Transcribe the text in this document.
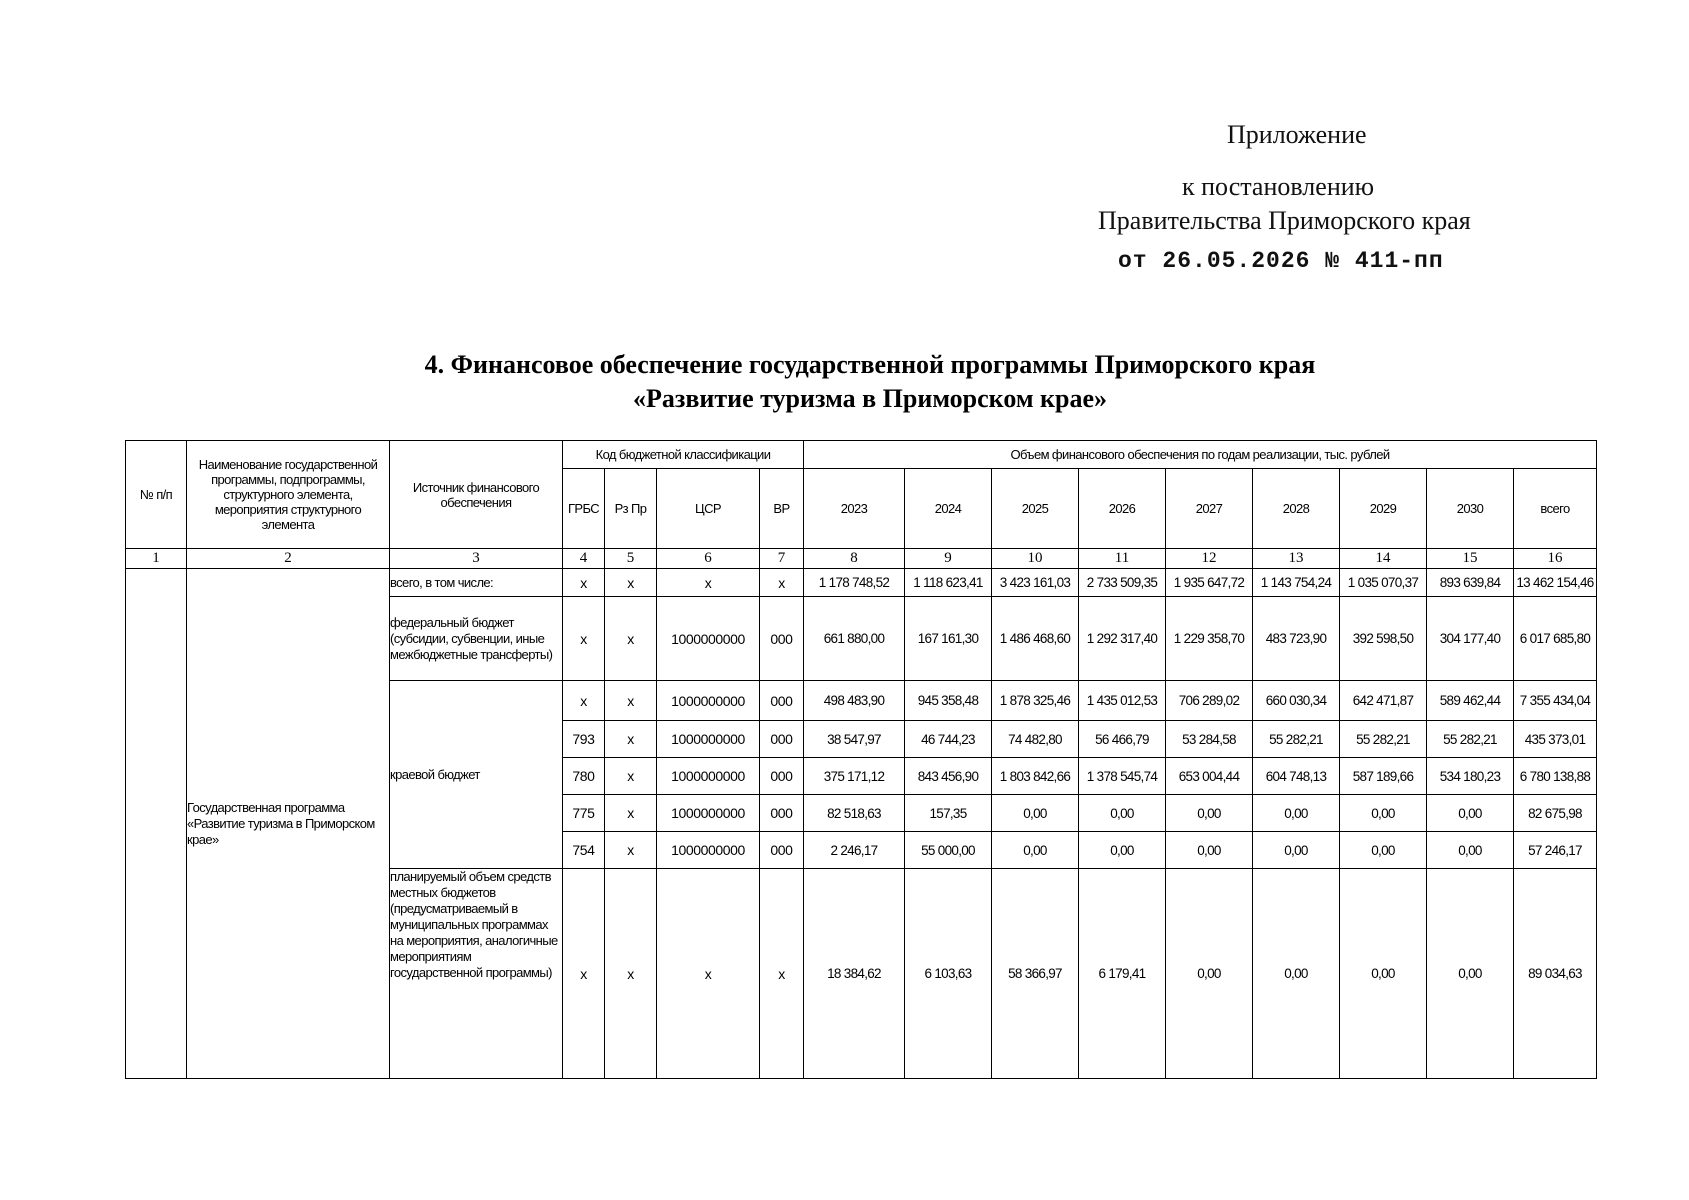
Приложение
к постановлению
Правительства Приморского края
от 26.05.2026 № 411-пп
4. Финансовое обеспечение государственной программы Приморского края
«Развитие туризма в Приморском крае»
№ п/п	Наименование государственной программы, подпрограммы, структурного элемента, мероприятия структурного элемента	Источник финансового обеспечения	Код бюджетной классификации				Объем финансового обеспечения по годам реализации, тыс. рублей								
			ГРБС	Рз Пр	ЦСР	ВР	2023	2024	2025	2026	2027	2028	2029	2030	всего
1	2	3	4	5	6	7	8	9	10	11	12	13	14	15	16
	Государственная программа «Развитие туризма в Приморском крае»	всего, в том числе:	х	х	х	х	1 178 748,52	1 118 623,41	3 423 161,03	2 733 509,35	1 935 647,72	1 143 754,24	1 035 070,37	893 639,84	13 462 154,46
		федеральный бюджет (субсидии, субвенции, иные межбюджетные трансферты)	х	х	1000000000	000	661 880,00	167 161,30	1 486 468,60	1 292 317,40	1 229 358,70	483 723,90	392 598,50	304 177,40	6 017 685,80
		краевой бюджет	х	х	1000000000	000	498 483,90	945 358,48	1 878 325,46	1 435 012,53	706 289,02	660 030,34	642 471,87	589 462,44	7 355 434,04
			793	х	1000000000	000	38 547,97	46 744,23	74 482,80	56 466,79	53 284,58	55 282,21	55 282,21	55 282,21	435 373,01
			780	х	1000000000	000	375 171,12	843 456,90	1 803 842,66	1 378 545,74	653 004,44	604 748,13	587 189,66	534 180,23	6 780 138,88
			775	х	1000000000	000	82 518,63	157,35	0,00	0,00	0,00	0,00	0,00	0,00	82 675,98
			754	х	1000000000	000	2 246,17	55 000,00	0,00	0,00	0,00	0,00	0,00	0,00	57 246,17
		планируемый объем средств местных бюджетов (предусматриваемый в муниципальных программах на мероприятия, аналогичные мероприятиям государственной программы)	х	х	х	х	18 384,62	6 103,63	58 366,97	6 179,41	0,00	0,00	0,00	0,00	89 034,63
